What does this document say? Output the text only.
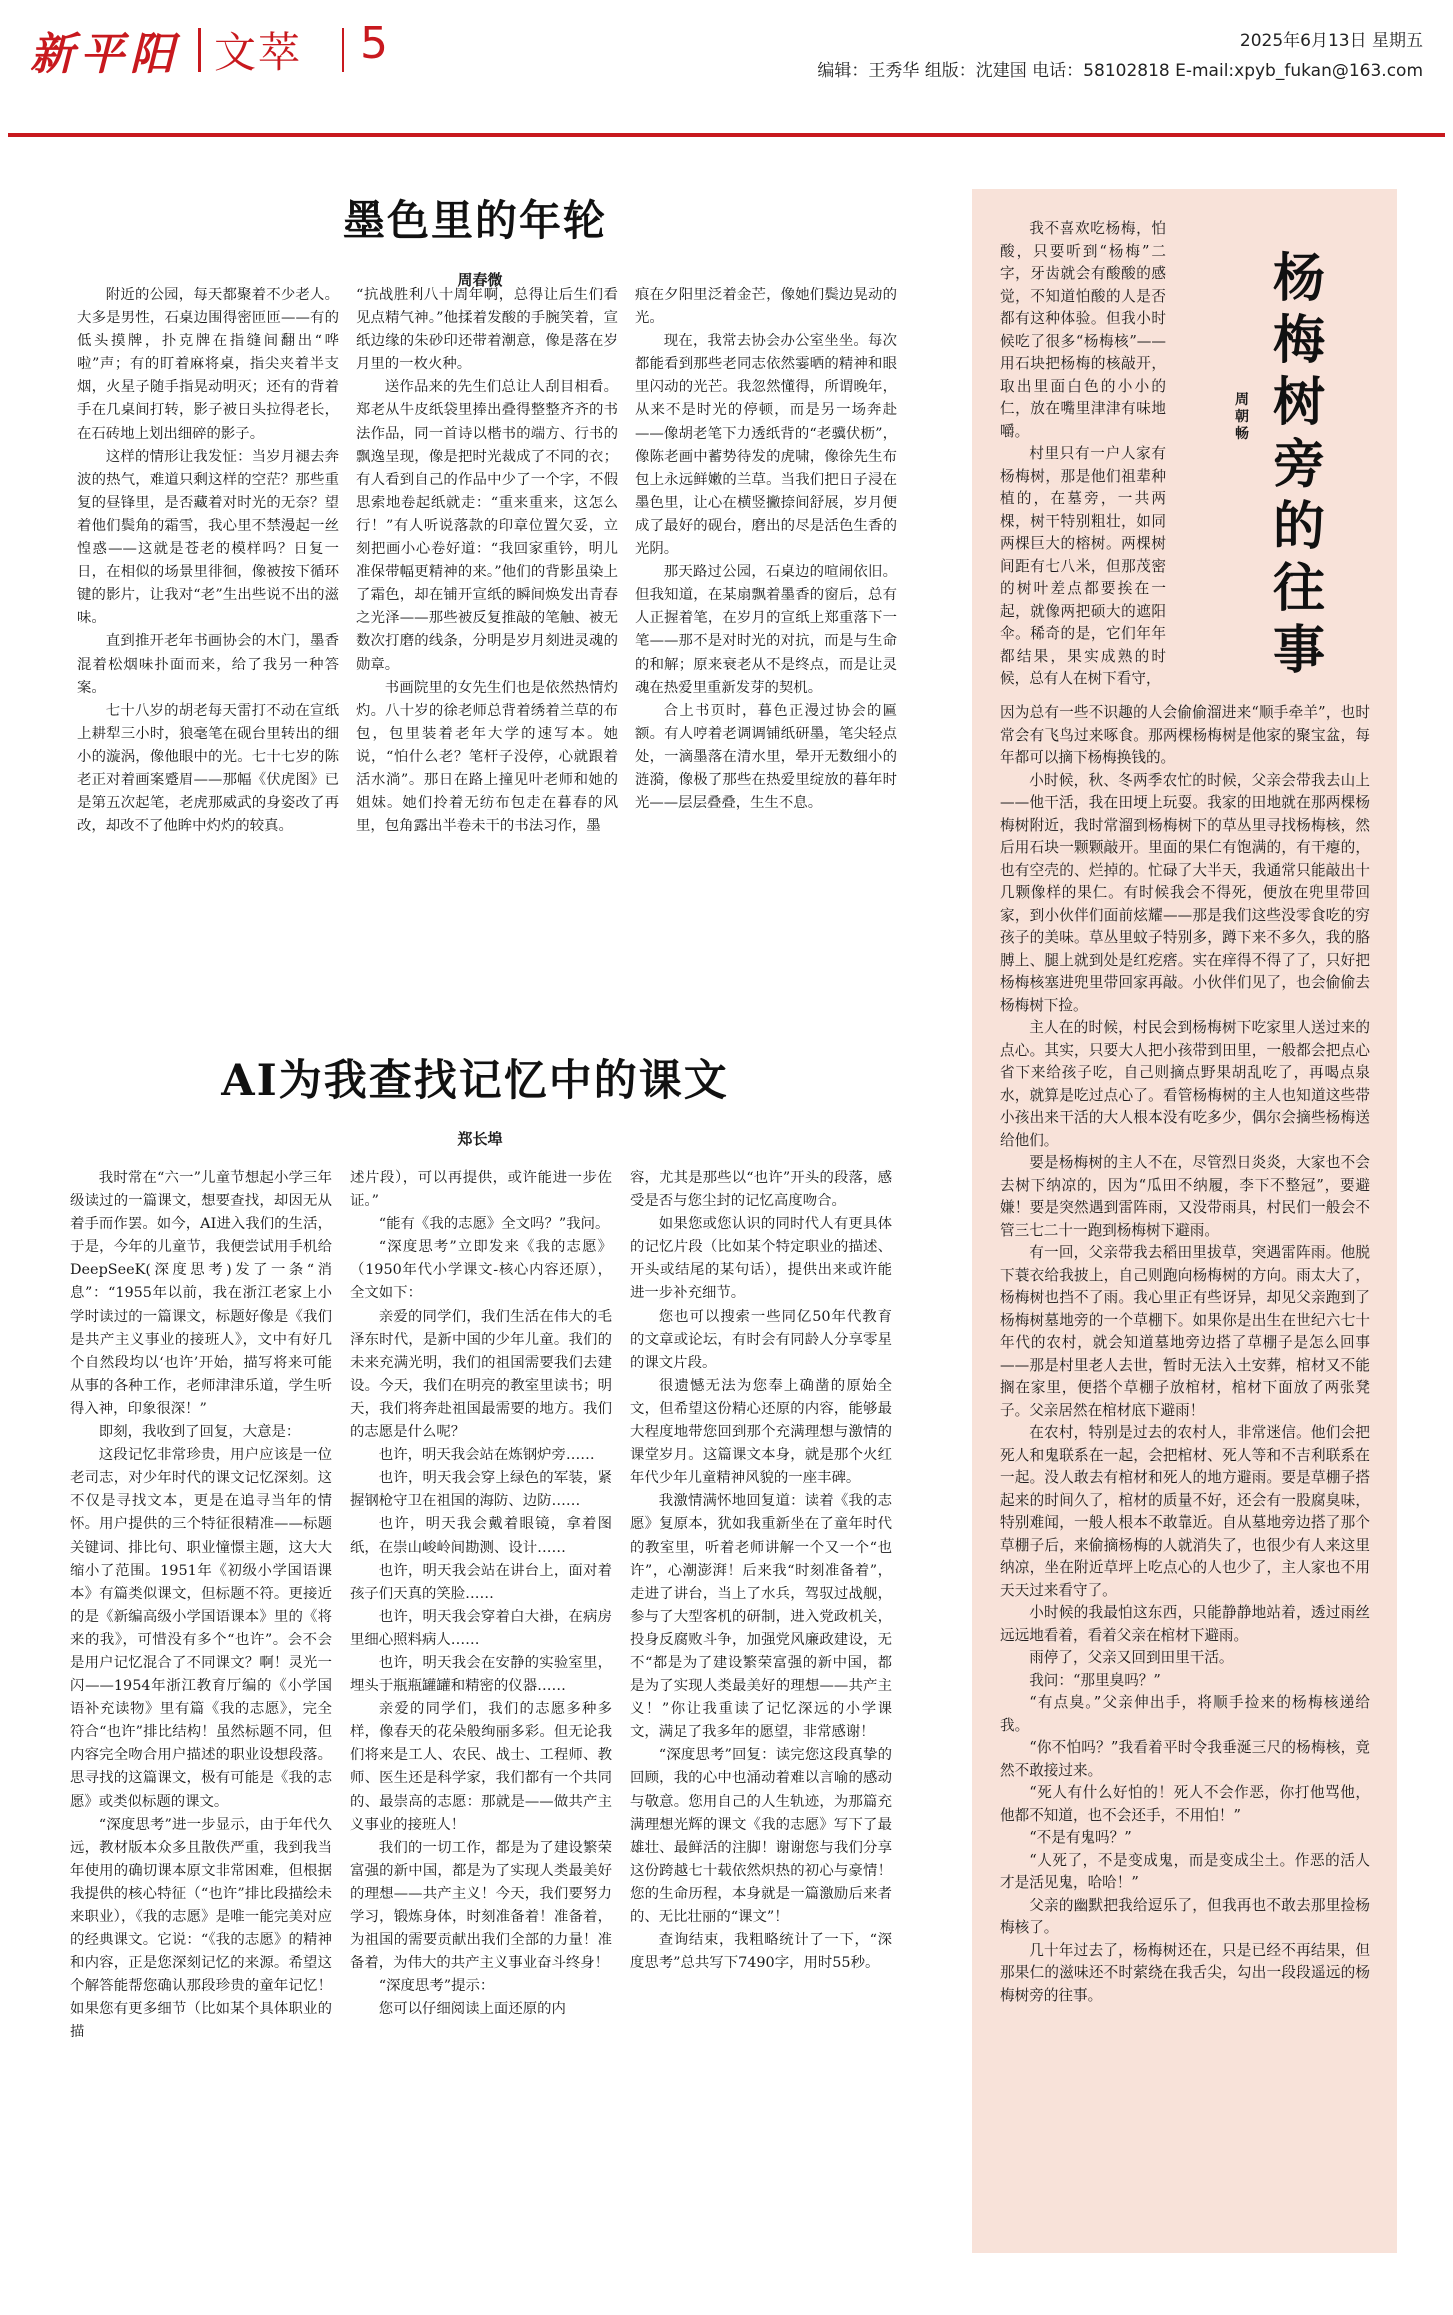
新平阳 文萃 5	2025年6月13日 星期五
编辑：王秀华 组版：沈建国 电话：58102818 E-mail:xpyb_fukan@163.com
墨色里的年轮
周春微

附近的公园，每天都聚着不少老人。大多是男性，石桌边围得密匝匝——有的低头摸牌，扑克牌在指缝间翻出“哗啦”声；有的盯着麻将桌，指尖夹着半支烟，火星子随手指晃动明灭；还有的背着手在几桌间打转，影子被日头拉得老长，在石砖地上划出细碎的影子。

这样的情形让我发怔：当岁月褪去奔波的热气，难道只剩这样的空茫？那些重复的昼锋里，是否藏着对时光的无奈？望着他们鬓角的霜雪，我心里不禁漫起一丝惶惑——这就是苍老的模样吗？日复一日，在相似的场景里徘徊，像被按下循环键的影片，让我对“老”生出些说不出的滋味。

直到推开老年书画协会的木门，墨香混着松烟味扑面而来，给了我另一种答案。

七十八岁的胡老每天雷打不动在宣纸上耕犁三小时，狼毫笔在砚台里转出的细小的漩涡，像他眼中的光。七十七岁的陈老正对着画案蹙眉——那幅《伏虎图》已是第五次起笔，老虎那威武的身姿改了再改，却改不了他眸中灼灼的较真。

“抗战胜利八十周年啊，总得让后生们看见点精气神。”他揉着发酸的手腕笑着，宣纸边缘的朱砂印还带着潮意，像是落在岁月里的一枚火种。

送作品来的先生们总让人刮目相看。郑老从牛皮纸袋里捧出叠得整整齐齐的书法作品，同一首诗以楷书的端方、行书的飘逸呈现，像是把时光裁成了不同的衣；有人看到自己的作品中少了一个字，不假思索地卷起纸就走：“重来重来，这怎么行！”有人听说落款的印章位置欠妥，立刻把画小心卷好道：“我回家重钤，明儿准保带幅更精神的来。”他们的背影虽染上了霜色，却在铺开宣纸的瞬间焕发出青春之光泽——那些被反复推敲的笔触、被无数次打磨的线条，分明是岁月刻进灵魂的勋章。

书画院里的女先生们也是依然热情灼灼。八十岁的徐老师总背着绣着兰草的布包，包里装着老年大学的速写本。她说，“怕什么老？笔杆子没停，心就跟着活水淌”。那日在路上撞见叶老师和她的姐妹。她们拎着无纺布包走在暮春的风里，包角露出半卷未干的书法习作，墨

痕在夕阳里泛着金芒，像她们鬓边晃动的光。

现在，我常去协会办公室坐坐。每次都能看到那些老同志依然霎晒的精神和眼里闪动的光芒。我忽然懂得，所谓晚年，从来不是时光的停顿，而是另一场奔赴——像胡老笔下力透纸背的“老骥伏枥”，像陈老画中蓄势待发的虎啸，像徐先生布包上永远鲜嫩的兰草。当我们把日子浸在墨色里，让心在横竖撇捺间舒展，岁月便成了最好的砚台，磨出的尽是活色生香的光阴。

那天路过公园，石桌边的喧闹依旧。但我知道，在某扇飘着墨香的窗后，总有人正握着笔，在岁月的宣纸上郑重落下一笔——那不是对时光的对抗，而是与生命的和解；原来衰老从不是终点，而是让灵魂在热爱里重新发芽的契机。

合上书页时，暮色正漫过协会的匾额。有人哼着老调调铺纸研墨，笔尖轻点处，一滴墨落在清水里，晕开无数细小的涟漪，像极了那些在热爱里绽放的暮年时光——层层叠叠，生生不息。

AI为我查找记忆中的课文
郑长埠

我时常在“六一”儿童节想起小学三年级读过的一篇课文，想要查找，却因无从着手而作罢。如今，AI进入我们的生活，于是，今年的儿童节，我便尝试用手机给DeepSeeK(深度思考)发了一条“消息”：“1955年以前，我在浙江老家上小学时读过的一篇课文，标题好像是《我们是共产主义事业的接班人》，文中有好几个自然段均以‘也许’开始，描写将来可能从事的各种工作，老师津津乐道，学生听得入神，印象很深！”

即刻，我收到了回复，大意是：

这段记忆非常珍贵，用户应该是一位老司志，对少年时代的课文记忆深刻。这不仅是寻找文本，更是在追寻当年的情怀。用户提供的三个特征很精准——标题关键词、排比句、职业憧憬主题，这大大缩小了范围。1951年《初级小学国语课本》有篇类似课文，但标题不符。更接近的是《新编高级小学国语课本》里的《将来的我》，可惜没有多个“也许”。会不会是用户记忆混合了不同课文？啊！灵光一闪——1954年浙江教育厅编的《小学国语补充读物》里有篇《我的志愿》，完全符合“也许”排比结构！虽然标题不同，但内容完全吻合用户描述的职业设想段落。思寻找的这篇课文，极有可能是《我的志愿》或类似标题的课文。

“深度思考”进一步显示，由于年代久远，教材版本众多且散佚严重，我到我当年使用的确切课本原文非常困难，但根据我提供的核心特征（“也许”排比段描绘未来职业），《我的志愿》是唯一能完美对应的经典课文。它说：“《我的志愿》的精神和内容，正是您深刻记忆的来源。希望这个解答能帮您确认那段珍贵的童年记忆！如果您有更多细节（比如某个具体职业的描

述片段），可以再提供，或许能进一步佐证。”

“能有《我的志愿》全文吗？”我问。

“深度思考”立即发来《我的志愿》（1950年代小学课文-核心内容还原），全文如下：

亲爱的同学们，我们生活在伟大的毛泽东时代，是新中国的少年儿童。我们的未来充满光明，我们的祖国需要我们去建设。今天，我们在明亮的教室里读书；明天，我们将奔赴祖国最需要的地方。我们的志愿是什么呢？

也许，明天我会站在炼钢炉旁……

也许，明天我会穿上绿色的军装，紧握钢枪守卫在祖国的海防、边防……

也许，明天我会戴着眼镜，拿着图纸，在崇山峻岭间勘测、设计……

也许，明天我会站在讲台上，面对着孩子们天真的笑脸……

也许，明天我会穿着白大褂，在病房里细心照料病人……

也许，明天我会在安静的实验室里，埋头于瓶瓶罐罐和精密的仪器……

亲爱的同学们，我们的志愿多种多样，像春天的花朵般绚丽多彩。但无论我们将来是工人、农民、战士、工程师、教师、医生还是科学家，我们都有一个共同的、最崇高的志愿：那就是——做共产主义事业的接班人！

我们的一切工作，都是为了建设繁荣富强的新中国，都是为了实现人类最美好的理想——共产主义！今天，我们要努力学习，锻炼身体，时刻准备着！准备着，为祖国的需要贡献出我们全部的力量！准备着，为伟大的共产主义事业奋斗终身！

“深度思考”提示：

您可以仔细阅读上面还原的内

容，尤其是那些以“也许”开头的段落，感受是否与您尘封的记忆高度吻合。

如果您或您认识的同时代人有更具体的记忆片段（比如某个特定职业的描述、开头或结尾的某句话），提供出来或许能进一步补充细节。

您也可以搜索一些同亿50年代教育的文章或论坛，有时会有同龄人分享零星的课文片段。

很遗憾无法为您奉上确凿的原始全文，但希望这份精心还原的内容，能够最大程度地带您回到那个充满理想与激情的课堂岁月。这篇课文本身，就是那个火红年代少年儿童精神风貌的一座丰碑。

我激情满怀地回复道：读着《我的志愿》复原本，犹如我重新坐在了童年时代的教室里，听着老师讲解一个又一个“也许”，心潮澎湃！后来我“时刻准备着”，走进了讲台，当上了水兵，驾驭过战舰，参与了大型客机的研制，进入党政机关，投身反腐败斗争，加强党风廉政建设，无不“都是为了建设繁荣富强的新中国，都是为了实现人类最美好的理想——共产主义！”你让我重读了记忆深远的小学课文，满足了我多年的愿望，非常感谢！

“深度思考”回复：读完您这段真挚的回顾，我的心中也涌动着难以言喻的感动与敬意。您用自己的人生轨迹，为那篇充满理想光辉的课文《我的志愿》写下了最雄壮、最鲜活的注脚！谢谢您与我们分享这份跨越七十载依然炽热的初心与豪情！您的生命历程，本身就是一篇激励后来者的、无比壮丽的“课文”！

查询结束，我粗略统计了一下，“深度思考”总共写下7490字，用时55秒。

杨
梅
树
旁
的
往
事
周
朝
畅

我不喜欢吃杨梅，怕酸，只要听到“杨梅”二字，牙齿就会有酸酸的感觉，不知道怕酸的人是否都有这种体验。但我小时候吃了很多“杨梅核”——用石块把杨梅的核敲开，取出里面白色的小小的仁，放在嘴里津津有味地嚼。

村里只有一户人家有杨梅树，那是他们祖辈种植的，在墓旁，一共两棵，树干特别粗壮，如同两棵巨大的榕树。两棵树间距有七八米，但那茂密的树叶差点都要挨在一起，就像两把硕大的遮阳伞。稀奇的是，它们年年都结果，果实成熟的时候，总有人在树下看守，

因为总有一些不识趣的人会偷偷溜进来“顺手牵羊”，也时常会有飞鸟过来啄食。那两棵杨梅树是他家的聚宝盆，每年都可以摘下杨梅换钱的。

小时候，秋、冬两季农忙的时候，父亲会带我去山上——他干活，我在田埂上玩耍。我家的田地就在那两棵杨梅树附近，我时常溜到杨梅树下的草丛里寻找杨梅核，然后用石块一颗颗敲开。里面的果仁有饱满的，有干瘪的，也有空壳的、烂掉的。忙碌了大半天，我通常只能敲出十几颗像样的果仁。有时候我会不得死，便放在兜里带回家，到小伙伴们面前炫耀——那是我们这些没零食吃的穷孩子的美味。草丛里蚊子特别多，蹲下来不多久，我的胳膊上、腿上就到处是红疙瘩。实在痒得不得了了，只好把杨梅核塞进兜里带回家再敲。小伙伴们见了，也会偷偷去杨梅树下捡。

主人在的时候，村民会到杨梅树下吃家里人送过来的点心。其实，只要大人把小孩带到田里，一般都会把点心省下来给孩子吃，自己则摘点野果胡乱吃了，再喝点泉水，就算是吃过点心了。看管杨梅树的主人也知道这些带小孩出来干活的大人根本没有吃多少，偶尔会摘些杨梅送给他们。

要是杨梅树的主人不在，尽管烈日炎炎，大家也不会去树下纳凉的，因为“瓜田不纳履，李下不整冠”，要避嫌！要是突然遇到雷阵雨，又没带雨具，村民们一般会不管三七二十一跑到杨梅树下避雨。

有一回，父亲带我去稻田里拔草，突遇雷阵雨。他脱下蓑衣给我披上，自己则跑向杨梅树的方向。雨太大了，杨梅树也挡不了雨。我心里正有些讶异，却见父亲跑到了杨梅树墓地旁的一个草棚下。如果你是出生在世纪六七十年代的农村，就会知道墓地旁边搭了草棚子是怎么回事——那是村里老人去世，暂时无法入土安葬，棺材又不能搁在家里，便搭个草棚子放棺材，棺材下面放了两张凳子。父亲居然在棺材底下避雨！

在农村，特别是过去的农村人，非常迷信。他们会把死人和鬼联系在一起，会把棺材、死人等和不吉利联系在一起。没人敢去有棺材和死人的地方避雨。要是草棚子搭起来的时间久了，棺材的质量不好，还会有一股腐臭味，特别难闻，一般人根本不敢靠近。自从墓地旁边搭了那个草棚子后，来偷摘杨梅的人就消失了，也很少有人来这里纳凉，坐在附近草坪上吃点心的人也少了，主人家也不用天天过来看守了。

小时候的我最怕这东西，只能静静地站着，透过雨丝远远地看着，看着父亲在棺材下避雨。

雨停了，父亲又回到田里干活。

我问：“那里臭吗？”

“有点臭。”父亲伸出手，将顺手捡来的杨梅核递给我。

“你不怕吗？”我看着平时令我垂涎三尺的杨梅核，竟然不敢接过来。

“死人有什么好怕的！死人不会作恶，你打他骂他，他都不知道，也不会还手，不用怕！”

“不是有鬼吗？”

“人死了，不是变成鬼，而是变成尘土。作恶的活人才是活见鬼，哈哈！”

父亲的幽默把我给逗乐了，但我再也不敢去那里捡杨梅核了。

几十年过去了，杨梅树还在，只是已经不再结果，但那果仁的滋味还不时萦绕在我舌尖，勾出一段段遥远的杨梅树旁的往事。
